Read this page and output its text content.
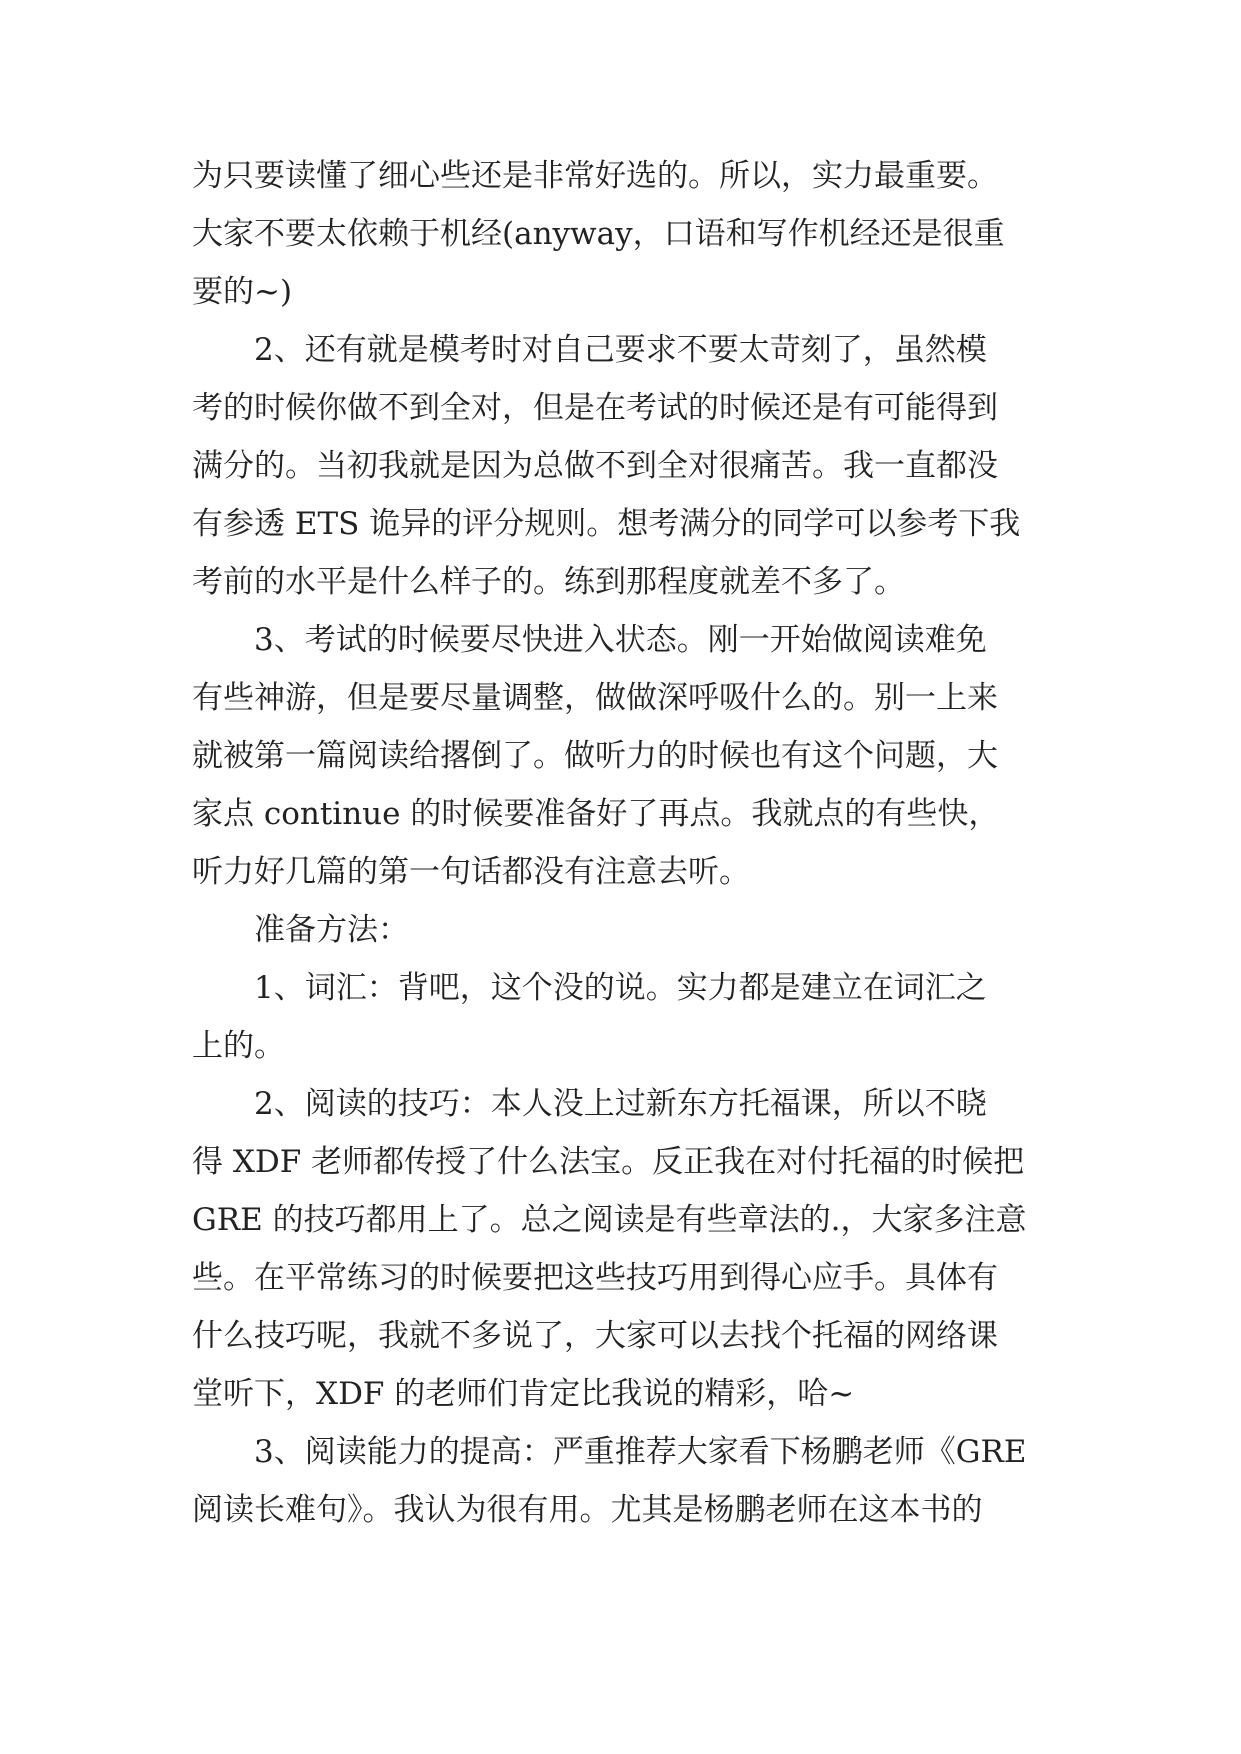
为只要读懂了细心些还是非常好选的。所以，实力最重要。
大家不要太依赖于机经(anyway，口语和写作机经还是很重
要的~)
2、还有就是模考时对自己要求不要太苛刻了，虽然模
考的时候你做不到全对，但是在考试的时候还是有可能得到
满分的。当初我就是因为总做不到全对很痛苦。我一直都没
有参透 ETS 诡异的评分规则。想考满分的同学可以参考下我
考前的水平是什么样子的。练到那程度就差不多了。
3、考试的时候要尽快进入状态。刚一开始做阅读难免
有些神游，但是要尽量调整，做做深呼吸什么的。别一上来
就被第一篇阅读给撂倒了。做听力的时候也有这个问题，大
家点 continue 的时候要准备好了再点。我就点的有些快，
听力好几篇的第一句话都没有注意去听。
准备方法：
1、词汇：背吧，这个没的说。实力都是建立在词汇之
上的。
2、阅读的技巧：本人没上过新东方托福课，所以不晓
得 XDF 老师都传授了什么法宝。反正我在对付托福的时候把
GRE 的技巧都用上了。总之阅读是有些章法的.，大家多注意
些。在平常练习的时候要把这些技巧用到得心应手。具体有
什么技巧呢，我就不多说了，大家可以去找个托福的网络课
堂听下，XDF 的老师们肯定比我说的精彩，哈~
3、阅读能力的提高：严重推荐大家看下杨鹏老师《GRE
阅读长难句》。我认为很有用。尤其是杨鹏老师在这本书的
